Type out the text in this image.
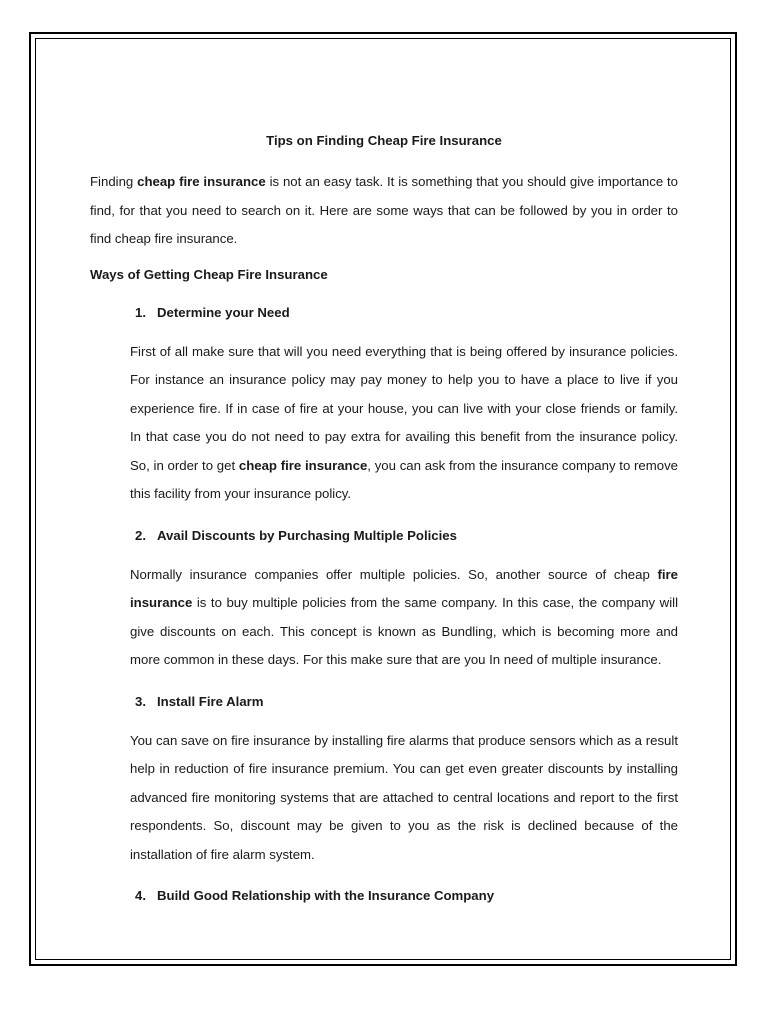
Tips on Finding Cheap Fire Insurance

Finding cheap fire insurance is not an easy task. It is something that you should give importance to find, for that you need to search on it. Here are some ways that can be followed by you in order to find cheap fire insurance.

Ways of Getting Cheap Fire Insurance

1. Determine your Need

First of all make sure that will you need everything that is being offered by insurance policies. For instance an insurance policy may pay money to help you to have a place to live if you experience fire. If in case of fire at your house, you can live with your close friends or family. In that case you do not need to pay extra for availing this benefit from the insurance policy. So, in order to get cheap fire insurance, you can ask from the insurance company to remove this facility from your insurance policy.

2. Avail Discounts by Purchasing Multiple Policies

Normally insurance companies offer multiple policies. So, another source of cheap fire insurance is to buy multiple policies from the same company. In this case, the company will give discounts on each. This concept is known as Bundling, which is becoming more and more common in these days. For this make sure that are you In need of multiple insurance.

3. Install Fire Alarm

You can save on fire insurance by installing fire alarms that produce sensors which as a result help in reduction of fire insurance premium. You can get even greater discounts by installing advanced fire monitoring systems that are attached to central locations and report to the first respondents. So, discount may be given to you as the risk is declined because of the installation of fire alarm system.

4. Build Good Relationship with the Insurance Company
